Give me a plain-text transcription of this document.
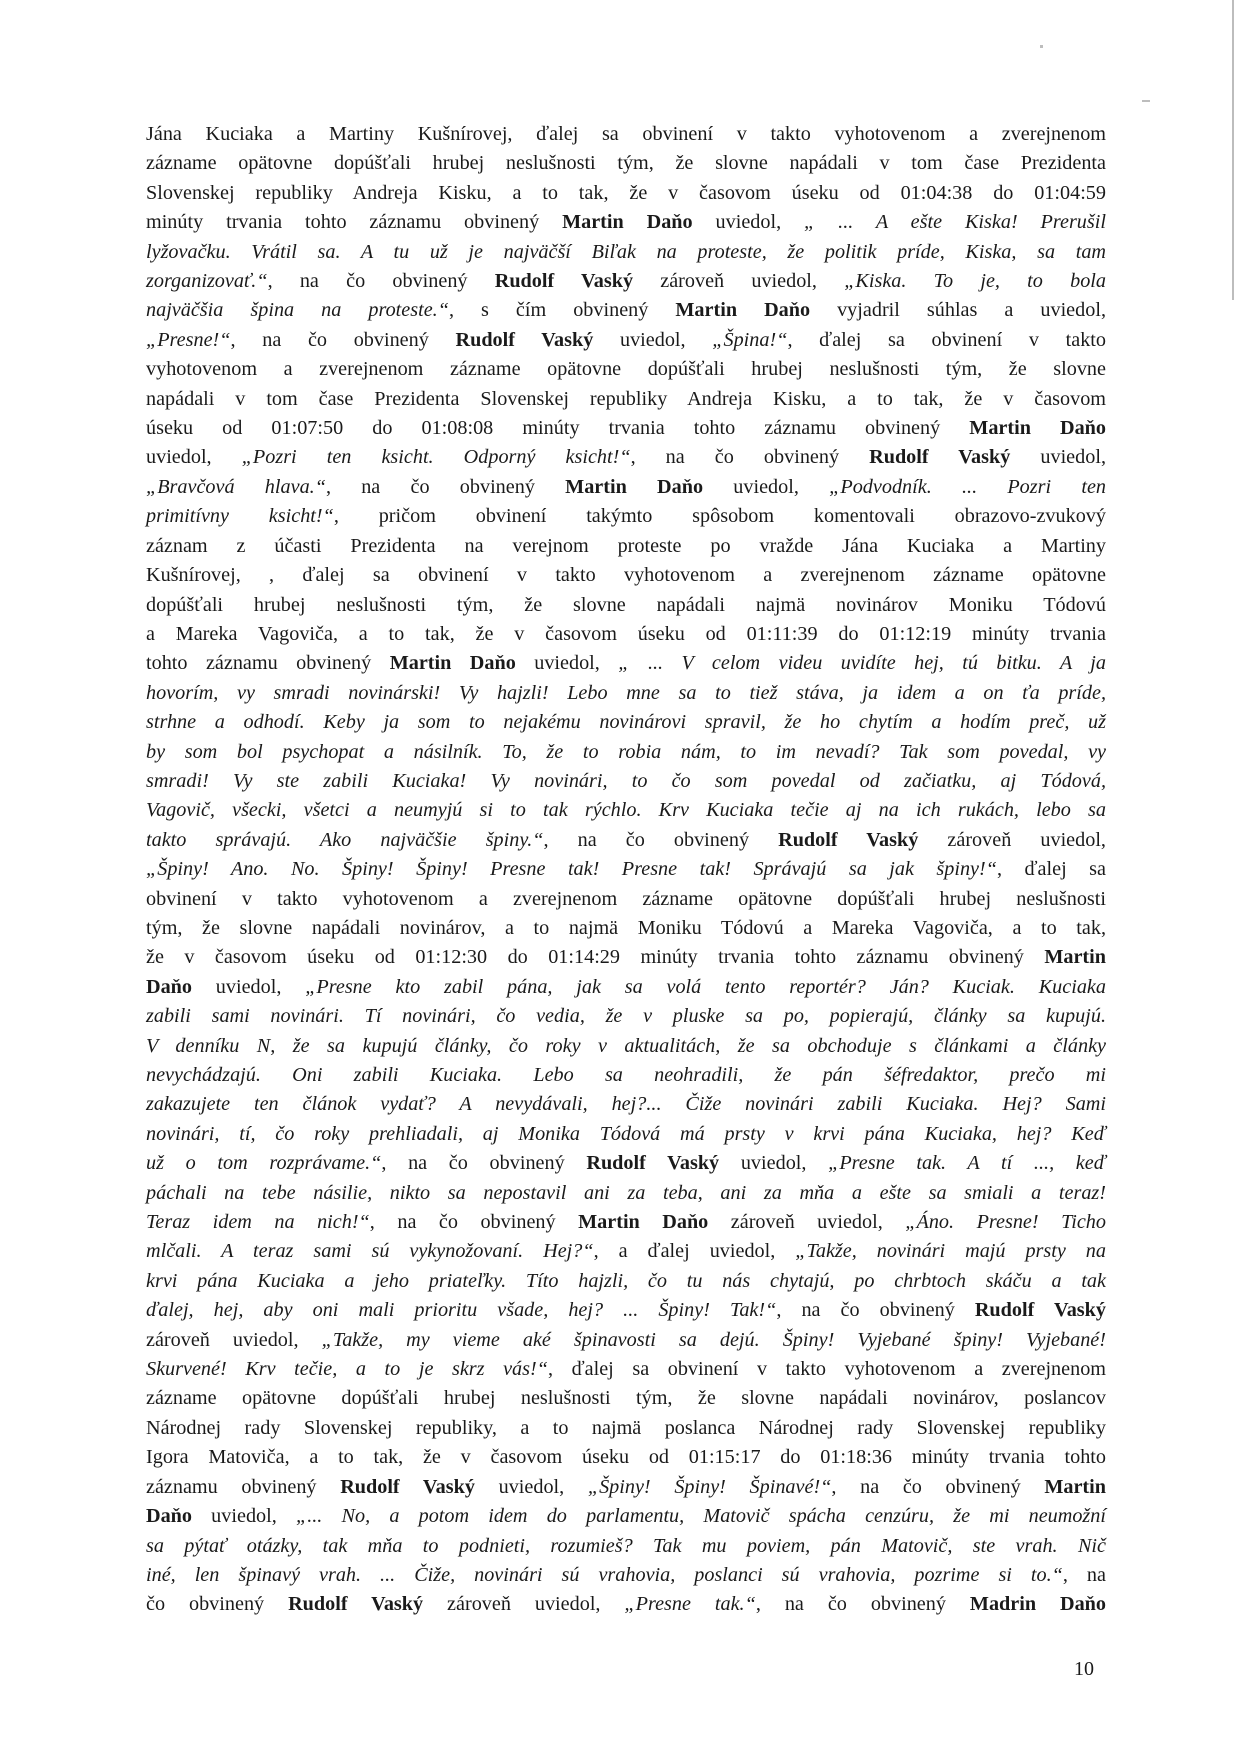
Jána Kuciaka a Martiny Kušnírovej, ďalej sa obvinení v takto vyhotovenom a zverejnenom
zázname opätovne dopúšťali hrubej neslušnosti tým, že slovne napádali v tom čase Prezidenta
Slovenskej republiky Andreja Kisku, a to tak, že v časovom úseku od 01:04:38 do 01:04:59
minúty trvania tohto záznamu obvinený Martin Daňo uviedol, „ ... A ešte Kiska! Prerušil
lyžovačku. Vrátil sa. A tu už je najväčší Biľak na proteste, že politik príde, Kiska, sa tam
zorganizovať.“, na čo obvinený Rudolf Vaský zároveň uviedol, „Kiska. To je, to bola
najväčšia špina na proteste.“, s čím obvinený Martin Daňo vyjadril súhlas a uviedol,
„Presne!“, na čo obvinený Rudolf Vaský uviedol, „Špina!“, ďalej sa obvinení v takto
vyhotovenom a zverejnenom zázname opätovne dopúšťali hrubej neslušnosti tým, že slovne
napádali v tom čase Prezidenta Slovenskej republiky Andreja Kisku, a to tak, že v časovom
úseku od 01:07:50 do 01:08:08 minúty trvania tohto záznamu obvinený Martin Daňo
uviedol, „Pozri ten ksicht. Odporný ksicht!“, na čo obvinený Rudolf Vaský uviedol,
„Bravčová hlava.“, na čo obvinený Martin Daňo uviedol, „Podvodník. ... Pozri ten
primitívny ksicht!“, pričom obvinení takýmto spôsobom komentovali obrazovo-zvukový
záznam z účasti Prezidenta na verejnom proteste po vražde Jána Kuciaka a Martiny
Kušnírovej, , ďalej sa obvinení v takto vyhotovenom a zverejnenom zázname opätovne
dopúšťali hrubej neslušnosti tým, že slovne napádali najmä novinárov Moniku Tódovú
a Mareka Vagoviča, a to tak, že v časovom úseku od 01:11:39 do 01:12:19 minúty trvania
tohto záznamu obvinený Martin Daňo uviedol, „ ... V celom videu uvidíte hej, tú bitku. A ja
hovorím, vy smradi novinárski! Vy hajzli! Lebo mne sa to tiež stáva, ja idem a on ťa príde,
strhne a odhodí. Keby ja som to nejakému novinárovi spravil, že ho chytím a hodím preč, už
by som bol psychopat a násilník. To, že to robia nám, to im nevadí? Tak som povedal, vy
smradi! Vy ste zabili Kuciaka! Vy novinári, to čo som povedal od začiatku, aj Tódová,
Vagovič, všecki, všetci a neumyjú si to tak rýchlo. Krv Kuciaka tečie aj na ich rukách, lebo sa
takto správajú. Ako najväčšie špiny.“, na čo obvinený Rudolf Vaský zároveň uviedol,
„Špiny! Ano. No. Špiny! Špiny! Presne tak! Presne tak! Správajú sa jak špiny!“, ďalej sa
obvinení v takto vyhotovenom a zverejnenom zázname opätovne dopúšťali hrubej neslušnosti
tým, že slovne napádali novinárov, a to najmä Moniku Tódovú a Mareka Vagoviča, a to tak,
že v časovom úseku od 01:12:30 do 01:14:29 minúty trvania tohto záznamu obvinený Martin
Daňo uviedol, „Presne kto zabil pána, jak sa volá tento reportér? Ján? Kuciak. Kuciaka
zabili sami novinári. Tí novinári, čo vedia, že v pluske sa po, popierajú, články sa kupujú.
V denníku N, že sa kupujú články, čo roky v aktualitách, že sa obchoduje s článkami a články
nevychádzajú. Oni zabili Kuciaka. Lebo sa neohradili, že pán šéfredaktor, prečo mi
zakazujete ten článok vydať? A nevydávali, hej?... Čiže novinári zabili Kuciaka. Hej? Sami
novinári, tí, čo roky prehliadali, aj Monika Tódová má prsty v krvi pána Kuciaka, hej? Keď
už o tom rozprávame.“, na čo obvinený Rudolf Vaský uviedol, „Presne tak. A tí ..., keď
páchali na tebe násilie, nikto sa nepostavil ani za teba, ani za mňa a ešte sa smiali a teraz!
Teraz idem na nich!“, na čo obvinený Martin Daňo zároveň uviedol, „Áno. Presne! Ticho
mlčali. A teraz sami sú vykynožovaní. Hej?“, a ďalej uviedol, „Takže, novinári majú prsty na
krvi pána Kuciaka a jeho priateľky. Títo hajzli, čo tu nás chytajú, po chrbtoch skáču a tak
ďalej, hej, aby oni mali prioritu všade, hej? ... Špiny! Tak!“, na čo obvinený Rudolf Vaský
zároveň uviedol, „Takže, my vieme aké špinavosti sa dejú. Špiny! Vyjebané špiny! Vyjebané!
Skurvené! Krv tečie, a to je skrz vás!“, ďalej sa obvinení v takto vyhotovenom a zverejnenom
zázname opätovne dopúšťali hrubej neslušnosti tým, že slovne napádali novinárov, poslancov
Národnej rady Slovenskej republiky, a to najmä poslanca Národnej rady Slovenskej republiky
Igora Matoviča, a to tak, že v časovom úseku od 01:15:17 do 01:18:36 minúty trvania tohto
záznamu obvinený Rudolf Vaský uviedol, „Špiny! Špiny! Špinavé!“, na čo obvinený Martin
Daňo uviedol, „... No, a potom idem do parlamentu, Matovič spácha cenzúru, že mi neumožní
sa pýtať otázky, tak mňa to podnieti, rozumieš? Tak mu poviem, pán Matovič, ste vrah. Nič
iné, len špinavý vrah. ... Čiže, novinári sú vrahovia, poslanci sú vrahovia, pozrime si to.“, na
čo obvinený Rudolf Vaský zároveň uviedol, „Presne tak.“, na čo obvinený Madrin Daňo
10
